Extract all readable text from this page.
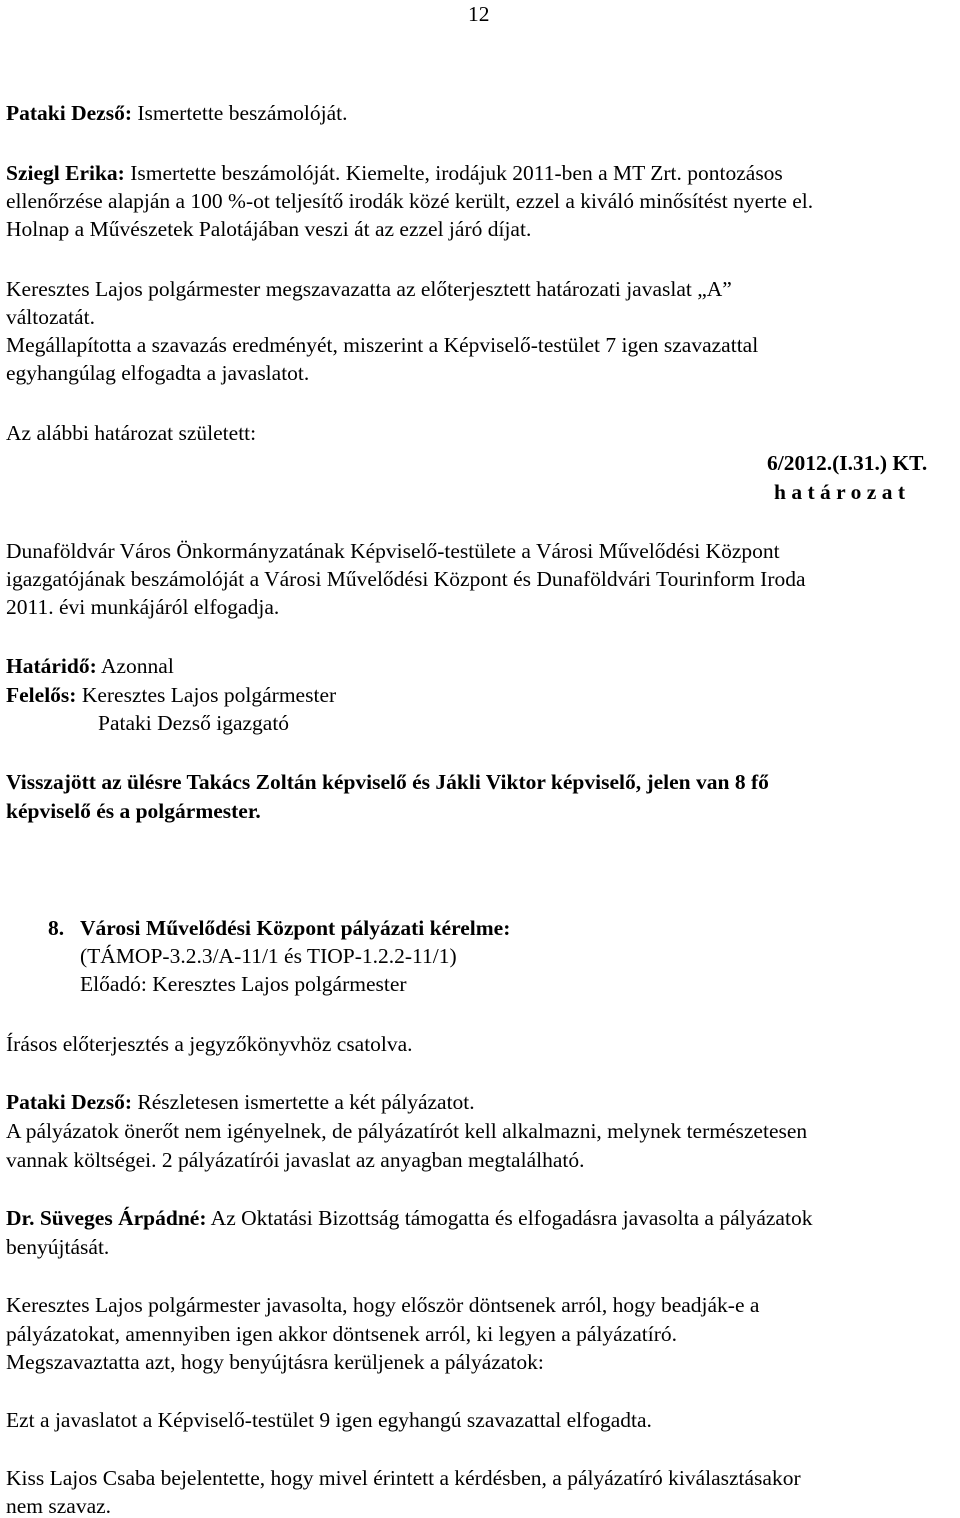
12
Pataki Dezső: Ismertette beszámolóját.
Sziegl Erika: Ismertette beszámolóját. Kiemelte, irodájuk 2011-ben a MT Zrt. pontozásos
ellenőrzése alapján a 100 %-ot teljesítő irodák közé került, ezzel a kiváló minősítést nyerte el.
Holnap a Művészetek Palotájában veszi át az ezzel járó díjat.
Keresztes Lajos polgármester megszavazatta az előterjesztett határozati javaslat „A”
változatát.
Megállapította a szavazás eredményét, miszerint a Képviselő-testület 7 igen szavazattal
egyhangúlag elfogadta a javaslatot.
Az alábbi határozat született:
6/2012.(I.31.) KT.
h a t á r o z a t
Dunaföldvár Város Önkormányzatának Képviselő-testülete a Városi Művelődési Központ
igazgatójának beszámolóját a Városi Művelődési Központ és Dunaföldvári Tourinform Iroda
2011. évi munkájáról elfogadja.
Határidő: Azonnal
Felelős: Keresztes Lajos polgármester
Pataki Dezső igazgató
Visszajött az ülésre Takács Zoltán képviselő és Jákli Viktor képviselő, jelen van 8 fő
képviselő és a polgármester.
8. Városi Művelődési Központ pályázati kérelme:
(TÁMOP-3.2.3/A-11/1 és TIOP-1.2.2-11/1)
Előadó: Keresztes Lajos polgármester
Írásos előterjesztés a jegyzőkönyvhöz csatolva.
Pataki Dezső: Részletesen ismertette a két pályázatot.
A pályázatok önerőt nem igényelnek, de pályázatírót kell alkalmazni, melynek természetesen
vannak költségei. 2 pályázatírói javaslat az anyagban megtalálható.
Dr. Süveges Árpádné: Az Oktatási Bizottság támogatta és elfogadásra javasolta a pályázatok
benyújtását.
Keresztes Lajos polgármester javasolta, hogy először döntsenek arról, hogy beadják-e a
pályázatokat, amennyiben igen akkor döntsenek arról, ki legyen a pályázatíró.
Megszavaztatta azt, hogy benyújtásra kerüljenek a pályázatok:
Ezt a javaslatot a Képviselő-testület 9 igen egyhangú szavazattal elfogadta.
Kiss Lajos Csaba bejelentette, hogy mivel érintett a kérdésben, a pályázatíró kiválasztásakor
nem szavaz.
